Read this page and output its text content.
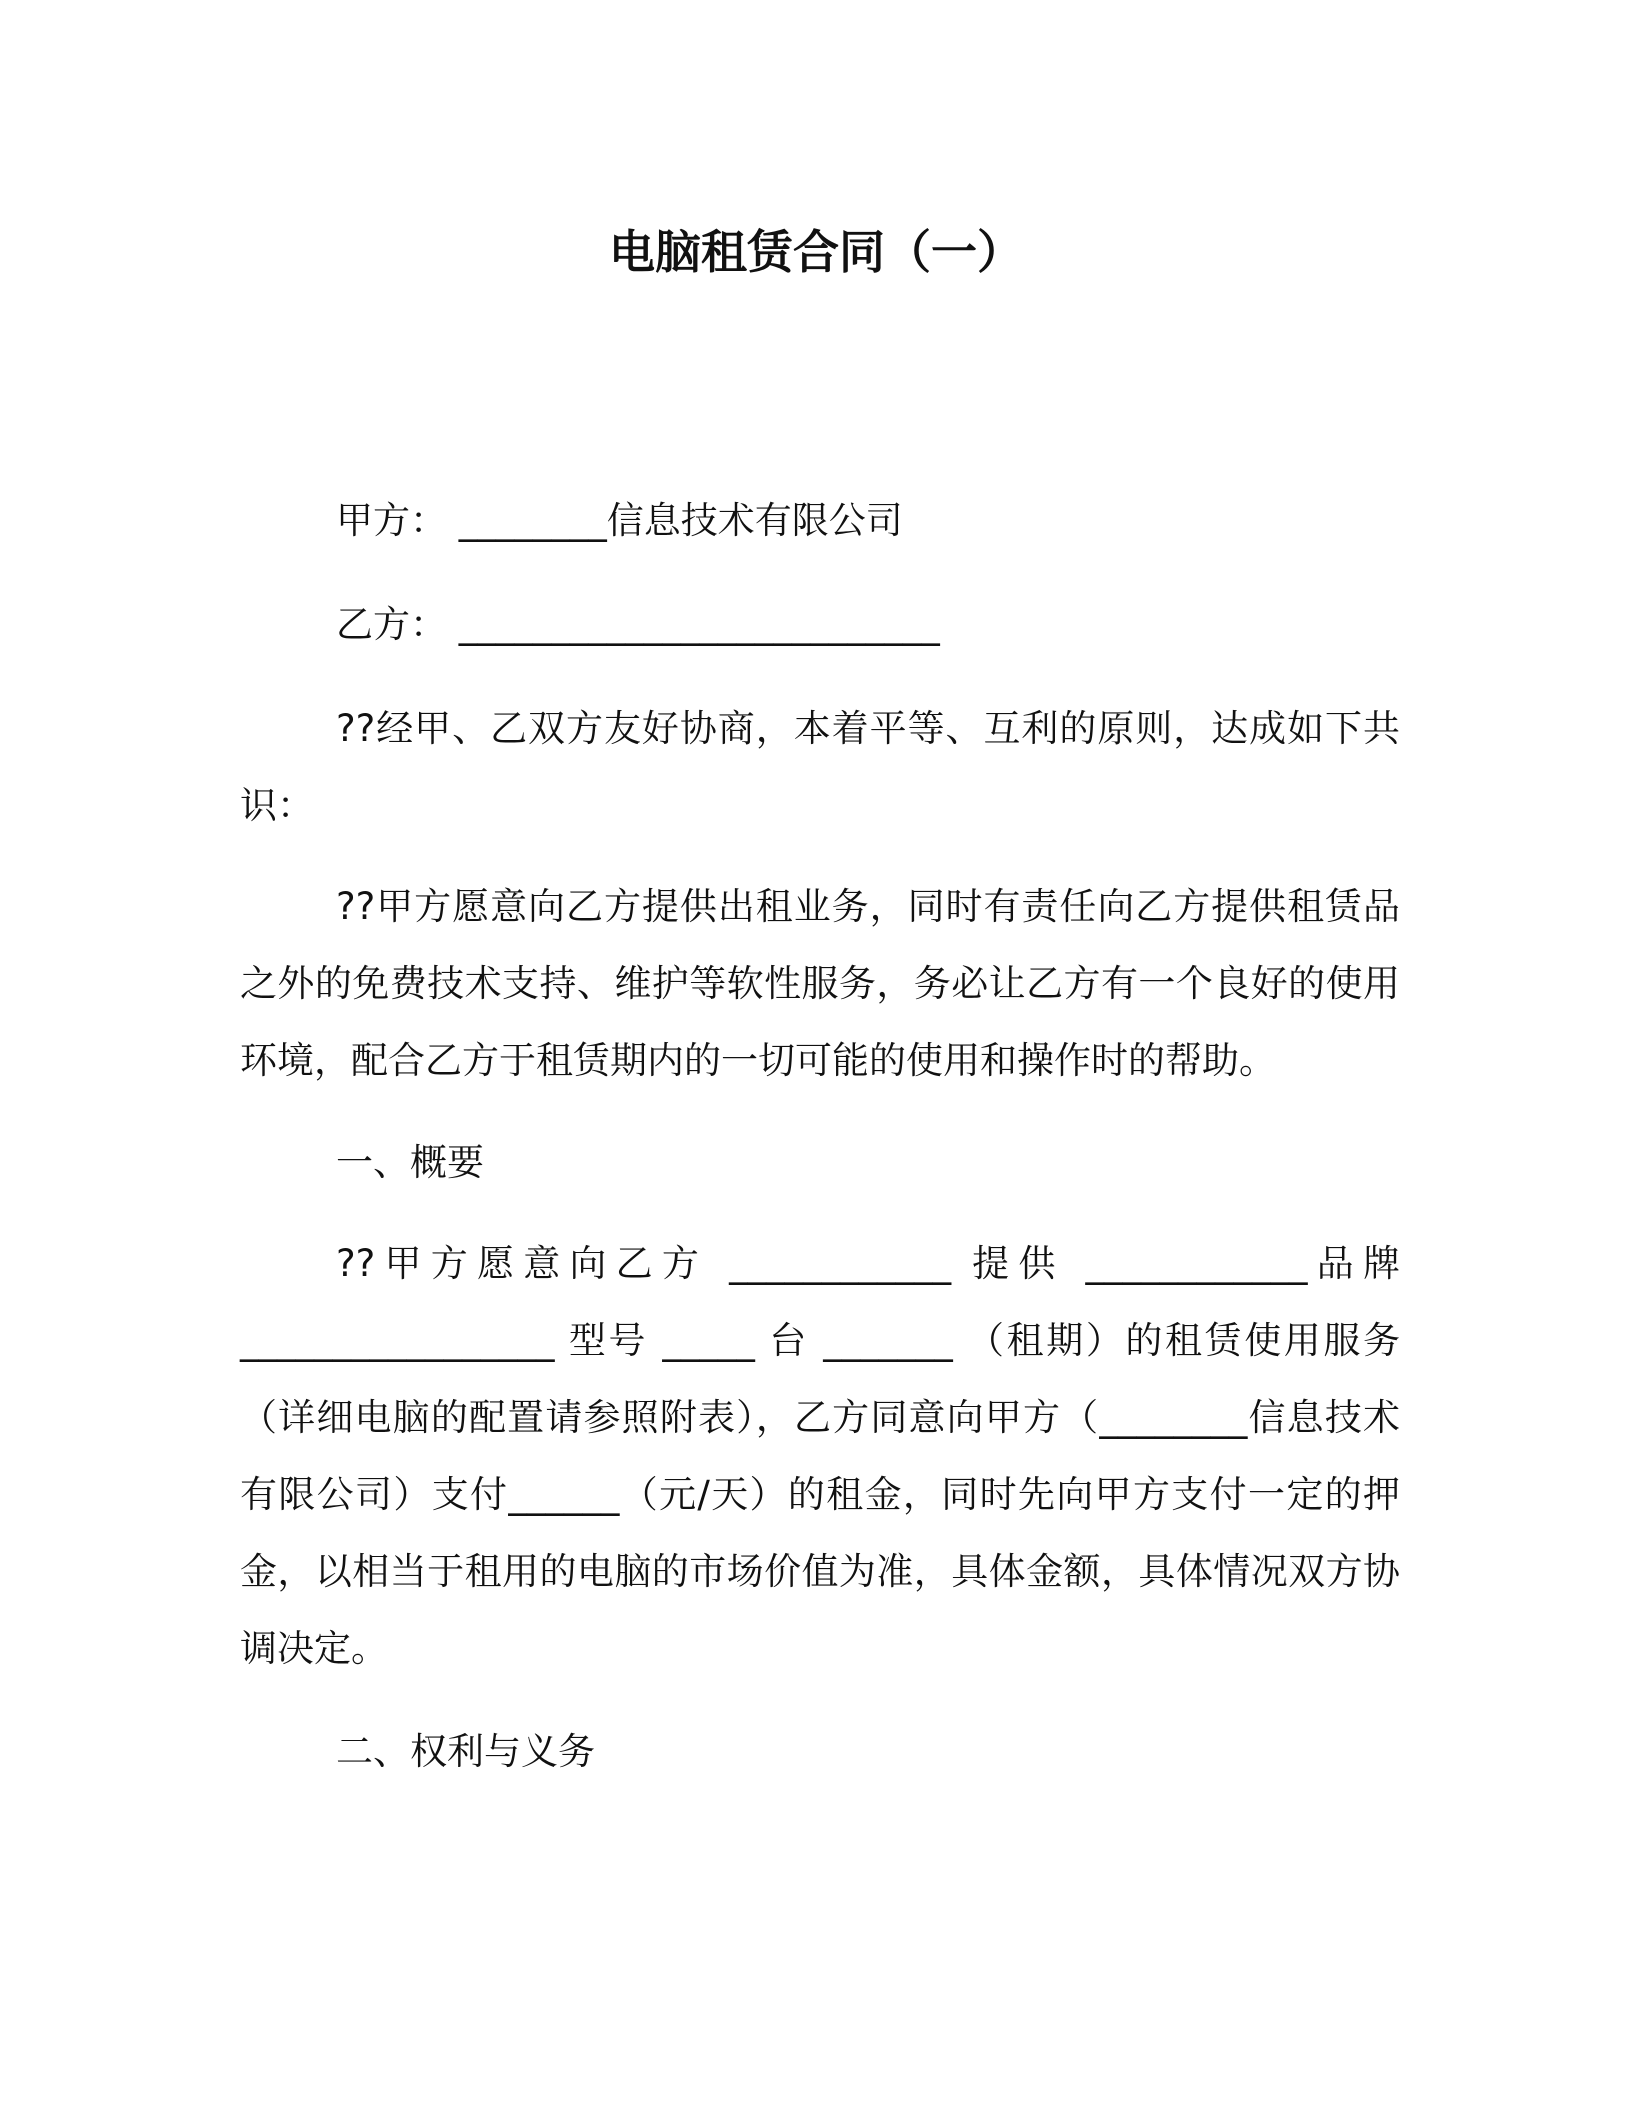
电脑租赁合同（一）
甲方： ________信息技术有限公司
乙方： __________________________
??经甲、乙双方友好协商，本着平等、互利的原则，达成如下共识：
??甲方愿意向乙方提供出租业务，同时有责任向乙方提供租赁品之外的免费技术支持、维护等软性服务，务必让乙方有一个良好的使用环境，配合乙方于租赁期内的一切可能的使用和操作时的帮助。
一、概要
??甲方愿意向乙方 ____________ 提供 ____________品牌 _________________ 型号 _____ 台 _______ （租期）的租赁使用服务（详细电脑的配置请参照附表），乙方同意向甲方（________信息技术有限公司）支付______（元/天）的租金，同时先向甲方支付一定的押金，以相当于租用的电脑的市场价值为准，具体金额，具体情况双方协调决定。
二、权利与义务
